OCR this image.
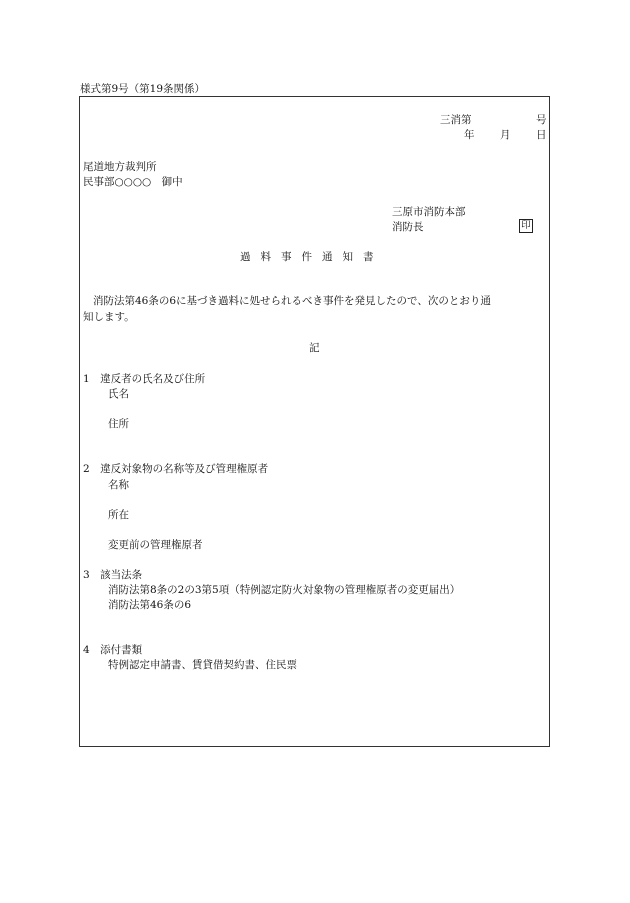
様式第9号（第19条関係）
三消第	号
年 月 日
尾道地方裁判所
民事部○○○○　御中
三原市消防本部
消防長	印
過料事件通知書
消防法第46条の6に基づき過料に処せられるべき事件を発見したので、次のとおり通
知します。
記
1　違反者の氏名及び住所
氏名
住所
2　違反対象物の名称等及び管理権原者
名称
所在
変更前の管理権原者
3　該当法条
消防法第8条の2の3第5項（特例認定防火対象物の管理権原者の変更届出）
消防法第46条の6
4　添付書類
特例認定申請書、賃貸借契約書、住民票
